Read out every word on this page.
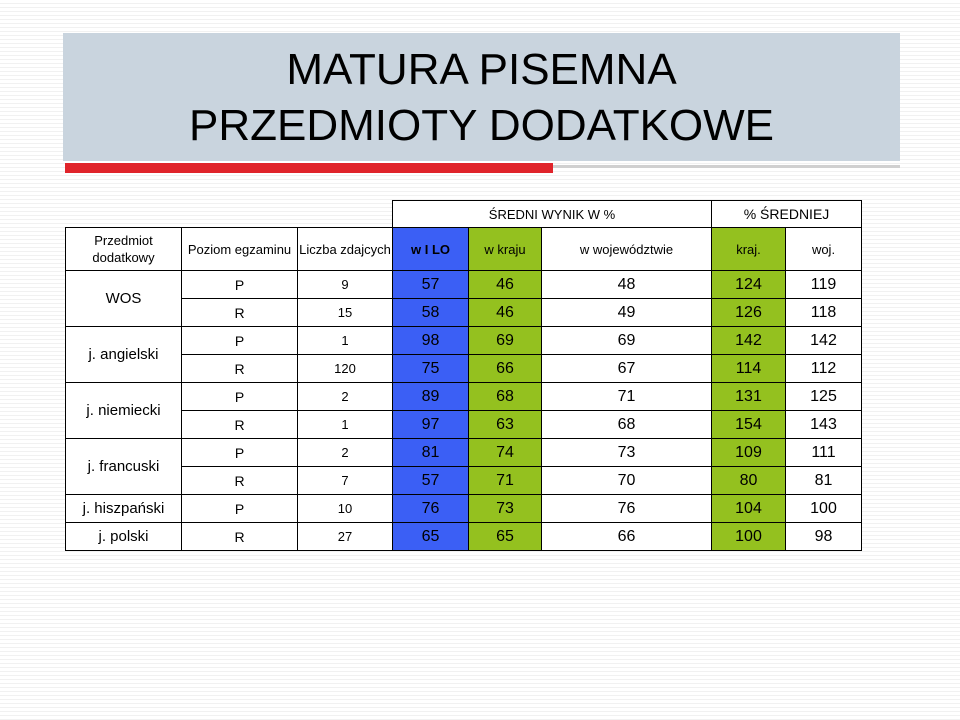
MATURA PISEMNA
PRZEDMIOTY DODATKOWE
			ŚREDNI WYNIK W %			% ŚREDNIEJ	
Przedmiot dodatkowy	Poziom egzaminu	Liczba zdajcych	w I LO	w kraju	w województwie	kraj.	woj.
WOS	P	9	57	46	48	124	119
	R	15	58	46	49	126	118
j. angielski	P	1	98	69	69	142	142
	R	120	75	66	67	114	112
j. niemiecki	P	2	89	68	71	131	125
	R	1	97	63	68	154	143
j. francuski	P	2	81	74	73	109	111
	R	7	57	71	70	80	81
j. hiszpański	P	10	76	73	76	104	100
j. polski	R	27	65	65	66	100	98
